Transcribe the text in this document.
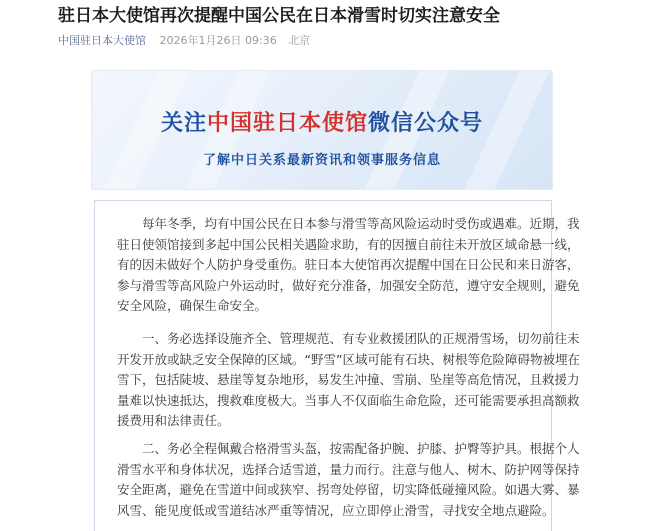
驻日本大使馆再次提醒中国公民在日本滑雪时切实注意安全
中国驻日本大使馆 2026年1月26日 09:36 北京
关注中国驻日本使馆微信公众号
了解中日关系最新资讯和领事服务信息
　　每年冬季，均有中国公民在日本参与滑雪等高风险运动时受伤或遇难。近期，我
驻日使领馆接到多起中国公民相关遇险求助，有的因擅自前往未开放区域命悬一线，
有的因未做好个人防护身受重伤。驻日本大使馆再次提醒中国在日公民和来日游客，
参与滑雪等高风险户外运动时，做好充分准备，加强安全防范，遵守安全规则，避免
安全风险，确保生命安全。
　　一、务必选择设施齐全、管理规范、有专业救援团队的正规滑雪场，切勿前往未
开发开放或缺乏安全保障的区域。“野雪”区域可能有石块、树根等危险障碍物被埋在
雪下，包括陡坡、悬崖等复杂地形，易发生冲撞、雪崩、坠崖等高危情况，且救援力
量难以快速抵达，搜救难度极大。当事人不仅面临生命危险，还可能需要承担高额救
援费用和法律责任。
　　二、务必全程佩戴合格滑雪头盔，按需配备护腕、护膝、护臀等护具。根据个人
滑雪水平和身体状况，选择合适雪道，量力而行。注意与他人、树木、防护网等保持
安全距离，避免在雪道中间或狭窄、拐弯处停留，切实降低碰撞风险。如遇大雾、暴
风雪、能见度低或雪道结冰严重等情况，应立即停止滑雪，寻找安全地点避险。
